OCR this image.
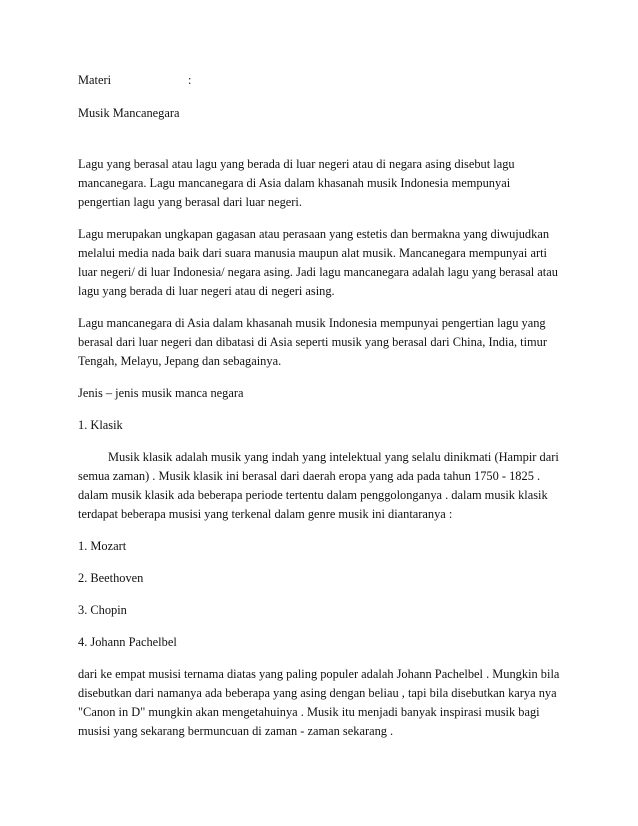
Materi	:
Musik Mancanegara
Lagu yang berasal atau lagu yang berada di luar negeri atau di negara asing disebut lagu
mancanegara. Lagu mancanegara di Asia dalam khasanah musik Indonesia mempunyai
pengertian lagu yang berasal dari luar negeri.
Lagu merupakan ungkapan gagasan atau perasaan yang estetis dan bermakna yang diwujudkan
melalui media nada baik dari suara manusia maupun alat musik. Mancanegara mempunyai arti
luar negeri/ di luar Indonesia/ negara asing. Jadi lagu mancanegara adalah lagu yang berasal atau
lagu yang berada di luar negeri atau di negeri asing.
Lagu mancanegara di Asia dalam khasanah musik Indonesia mempunyai pengertian lagu yang
berasal dari luar negeri dan dibatasi di Asia seperti musik yang berasal dari China, India, timur
Tengah, Melayu, Jepang dan sebagainya.
Jenis – jenis musik manca negara
1. Klasik
Musik klasik adalah musik yang indah yang intelektual yang selalu dinikmati (Hampir dari
semua zaman) . Musik klasik ini berasal dari daerah eropa yang ada pada tahun 1750 - 1825 .
dalam musik klasik ada beberapa periode tertentu dalam penggolonganya . dalam musik klasik
terdapat beberapa musisi yang terkenal dalam genre musik ini diantaranya :
1. Mozart
2. Beethoven
3. Chopin
4. Johann Pachelbel
dari ke empat musisi ternama diatas yang paling populer adalah Johann Pachelbel . Mungkin bila
disebutkan dari namanya ada beberapa yang asing dengan beliau , tapi bila disebutkan karya nya
"Canon in D" mungkin akan mengetahuinya . Musik itu menjadi banyak inspirasi musik bagi
musisi yang sekarang bermuncuan di zaman - zaman sekarang .
